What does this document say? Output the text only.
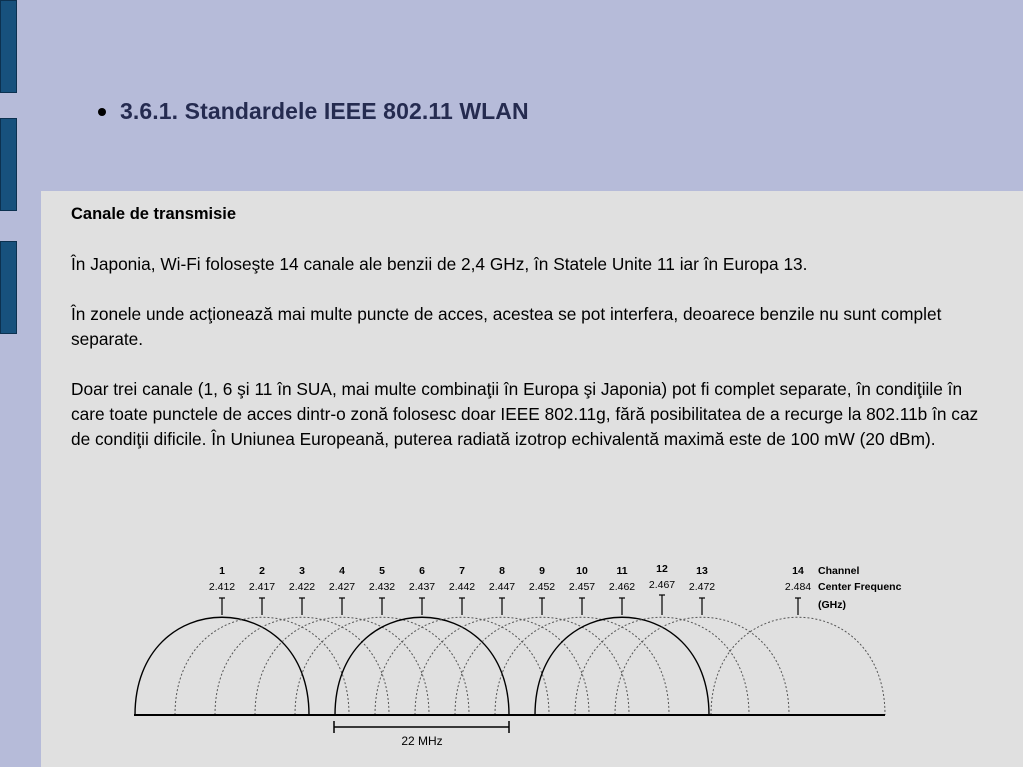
3.6.1. Standardele IEEE 802.11 WLAN

Canale de transmisie

În Japonia, Wi-Fi foloseşte 14 canale ale benzii de 2,4 GHz, în Statele Unite 11 iar în Europa 13.

În zonele unde acţionează mai multe puncte de acces, acestea se pot interfera, deoarece benzile nu sunt complet separate.

Doar trei canale (1, 6 şi 11 în SUA, mai multe combinaţii în Europa şi Japonia) pot fi complet separate, în condiţiile în care toate punctele de acces dintr-o zonă folosesc doar IEEE 802.11g, fără posibilitatea de a recurge la 802.11b în caz de condiţii dificile. În Uniunea Europeană, puterea radiată izotrop echivalentă maximă este de 100 mW (20 dBm).

1
2.412
2
2.417
3
2.422
4
2.427
5
2.432
6
2.437
7
2.442
8
2.447
9
2.452
10
2.457
11
2.462
12
2.467
13
2.472
14
2.484
22 MHz
Channel
Center Frequenc
(GHz)
